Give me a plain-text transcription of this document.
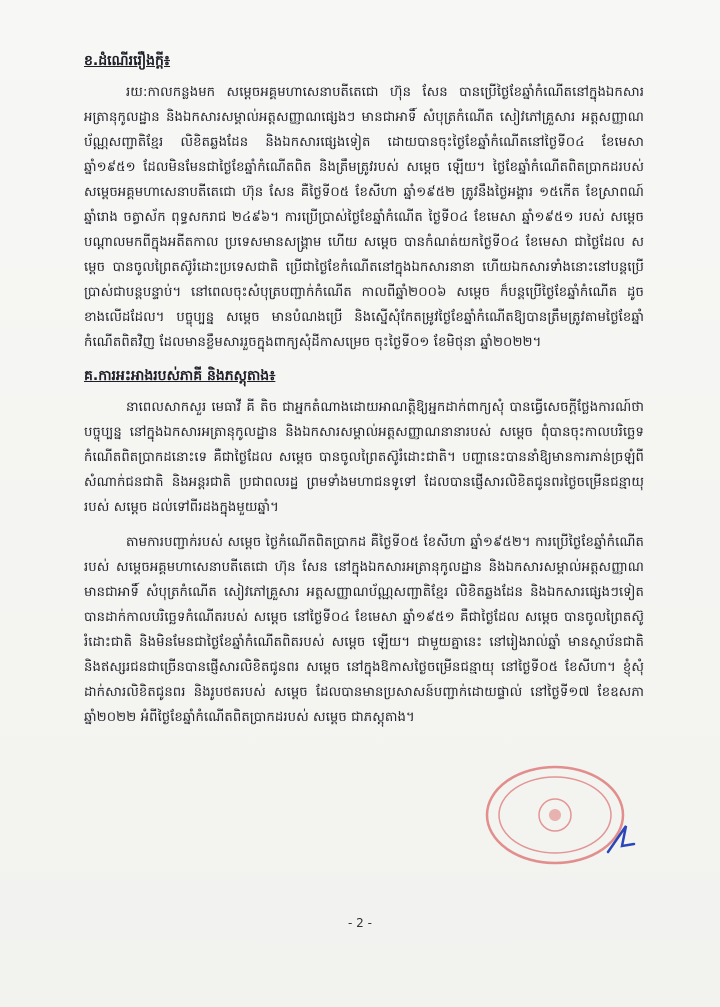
ខ.ដំណើររឿងក្តី៖

រយ:កាលកន្លងមក សម្តេចអគ្គមហាសេនាបតីតេជោ ហ៊ុន សែន បានប្រើថ្ងៃខែឆ្នាំកំណើតនៅក្នុងឯកសារអត្រានុកូលដ្ឋាន និងឯកសារសម្គាល់អត្តសញ្ញាណផ្សេងៗ មានជាអាទិ៍ សំបុត្រកំណើត សៀវភៅគ្រួសារ អត្តសញ្ញាណប័ណ្ណសញ្ជាតិខ្មែរ លិខិតឆ្លងដែន និងឯកសារផ្សេងទៀត ដោយបានចុះថ្ងៃខែឆ្នាំកំណើតនៅថ្ងៃទី០៤ ខែមេសា ឆ្នាំ១៩៥១ ដែលមិនមែនជាថ្ងៃខែឆ្នាំកំណើតពិត និងត្រឹមត្រូវរបស់ សម្តេច ឡើយ។ ថ្ងៃខែឆ្នាំកំណើតពិតប្រាកដរបស់ សម្តេចអគ្គមហាសេនាបតីតេជោ ហ៊ុន សែន គឺថ្ងៃទី០៥ ខែសីហា ឆ្នាំ១៩៥២ ត្រូវនឹងថ្ងៃអង្គារ ១៥កើត ខែស្រាពណ៍ ឆ្នាំរោង ចត្វាស័ក ពុទ្ធសករាជ ២៤៩៦។ ការប្រើប្រាស់ថ្ងៃខែឆ្នាំកំណើត ថ្ងៃទី០៤ ខែមេសា ឆ្នាំ១៩៥១ របស់ សម្តេច បណ្តាលមកពីក្នុងអតីតកាល ប្រទេសមានសង្គ្រាម ហើយ សម្តេច បានកំណត់យកថ្ងៃទី០៤ ខែមេសា ជាថ្ងៃដែល សម្តេច បានចូលព្រៃតស៊ូរំដោះប្រទេសជាតិ ប្រើជាថ្ងៃខែកំណើតនៅក្នុងឯកសារនានា ហើយឯកសារទាំងនោះនៅបន្តប្រើប្រាស់ជាបន្តបន្ទាប់។ នៅពេលចុះសំបុត្របញ្ជាក់កំណើត កាលពីឆ្នាំ២០០៦ សម្តេច ក៏បន្តប្រើថ្ងៃខែឆ្នាំកំណើត ដូចខាងលើដដែល។ បច្ចុប្បន្ន សម្តេច មានបំណងប្រើ និងស្នើសុំកែតម្រូវថ្ងៃខែឆ្នាំកំណើតឱ្យបានត្រឹមត្រូវតាមថ្ងៃខែឆ្នាំកំណើតពិតវិញ ដែលមានខ្លឹមសាររួចក្នុងពាក្យសុំដីកាសម្រេច ចុះថ្ងៃទី០១ ខែមិថុនា ឆ្នាំ២០២២។

គ.ការអះអាងរបស់ភាគី និងភស្តុតាង៖

នាពេលសាកសួរ មេធាវី គី តិច ជាអ្នកតំណាងដោយអាណត្តិឱ្យអ្នកដាក់ពាក្យសុំ បានធ្វើសេចក្តីថ្លែងការណ៍ថា បច្ចុប្បន្ន នៅក្នុងឯកសារអត្រានុកូលដ្ឋាន និងឯកសារសម្គាល់អត្តសញ្ញាណនានារបស់ សម្តេច ពុំបានចុះកាលបរិច្ឆេទកំណើតពិតប្រាកដនោះទេ គឺជាថ្ងៃដែល សម្តេច បានចូលព្រៃតស៊ូរំដោះជាតិ។ បញ្ហានេះបាននាំឱ្យមានការភាន់ច្រឡំពីសំណាក់ជនជាតិ និងអន្តរជាតិ ប្រជាពលរដ្ឋ ព្រមទាំងមហាជនទូទៅ ដែលបានផ្ញើសារលិខិតជូនពរថ្ងៃចម្រើនជន្មាយុរបស់ សម្តេច ដល់ទៅពីរដងក្នុងមួយឆ្នាំ។

តាមការបញ្ជាក់របស់ សម្តេច ថ្ងៃកំណើតពិតប្រាកដ គឺថ្ងៃទី០៥ ខែសីហា ឆ្នាំ១៩៥២។ ការប្រើថ្ងៃខែឆ្នាំកំណើតរបស់ សម្តេចអគ្គមហាសេនាបតីតេជោ ហ៊ុន សែន នៅក្នុងឯកសារអត្រានុកូលដ្ឋាន និងឯកសារសម្គាល់អត្តសញ្ញាណ មានជាអាទិ៍ សំបុត្រកំណើត សៀវភៅគ្រួសារ អត្តសញ្ញាណប័ណ្ណសញ្ជាតិខ្មែរ លិខិតឆ្លងដែន និងឯកសារផ្សេងៗទៀត បានដាក់កាលបរិច្ឆេទកំណើតរបស់ សម្តេច នៅថ្ងៃទី០៤ ខែមេសា ឆ្នាំ១៩៥១ គឺជាថ្ងៃដែល សម្តេច បានចូលព្រៃតស៊ូរំដោះជាតិ និងមិនមែនជាថ្ងៃខែឆ្នាំកំណើតពិតរបស់ សម្តេច ឡើយ។ ជាមួយគ្នានេះ នៅរៀងរាល់ឆ្នាំ មានស្ថាប័នជាតិ និងឥស្សរជនជាច្រើនបានផ្ញើសារលិខិតជូនពរ សម្តេច នៅក្នុងឱកាសថ្ងៃចម្រើនជន្មាយុ នៅថ្ងៃទី០៥ ខែសីហា។ ខ្ញុំសុំដាក់សារលិខិតជូនពរ និងរូបថតរបស់ សម្តេច ដែលបានមានប្រសាសន៍បញ្ជាក់ដោយផ្ទាល់ នៅថ្ងៃទី១៧ ខែឧសភា ឆ្នាំ២០២២ អំពីថ្ងៃខែឆ្នាំកំណើតពិតប្រាកដរបស់ សម្តេច ជាភស្តុតាង។

- 2 -
